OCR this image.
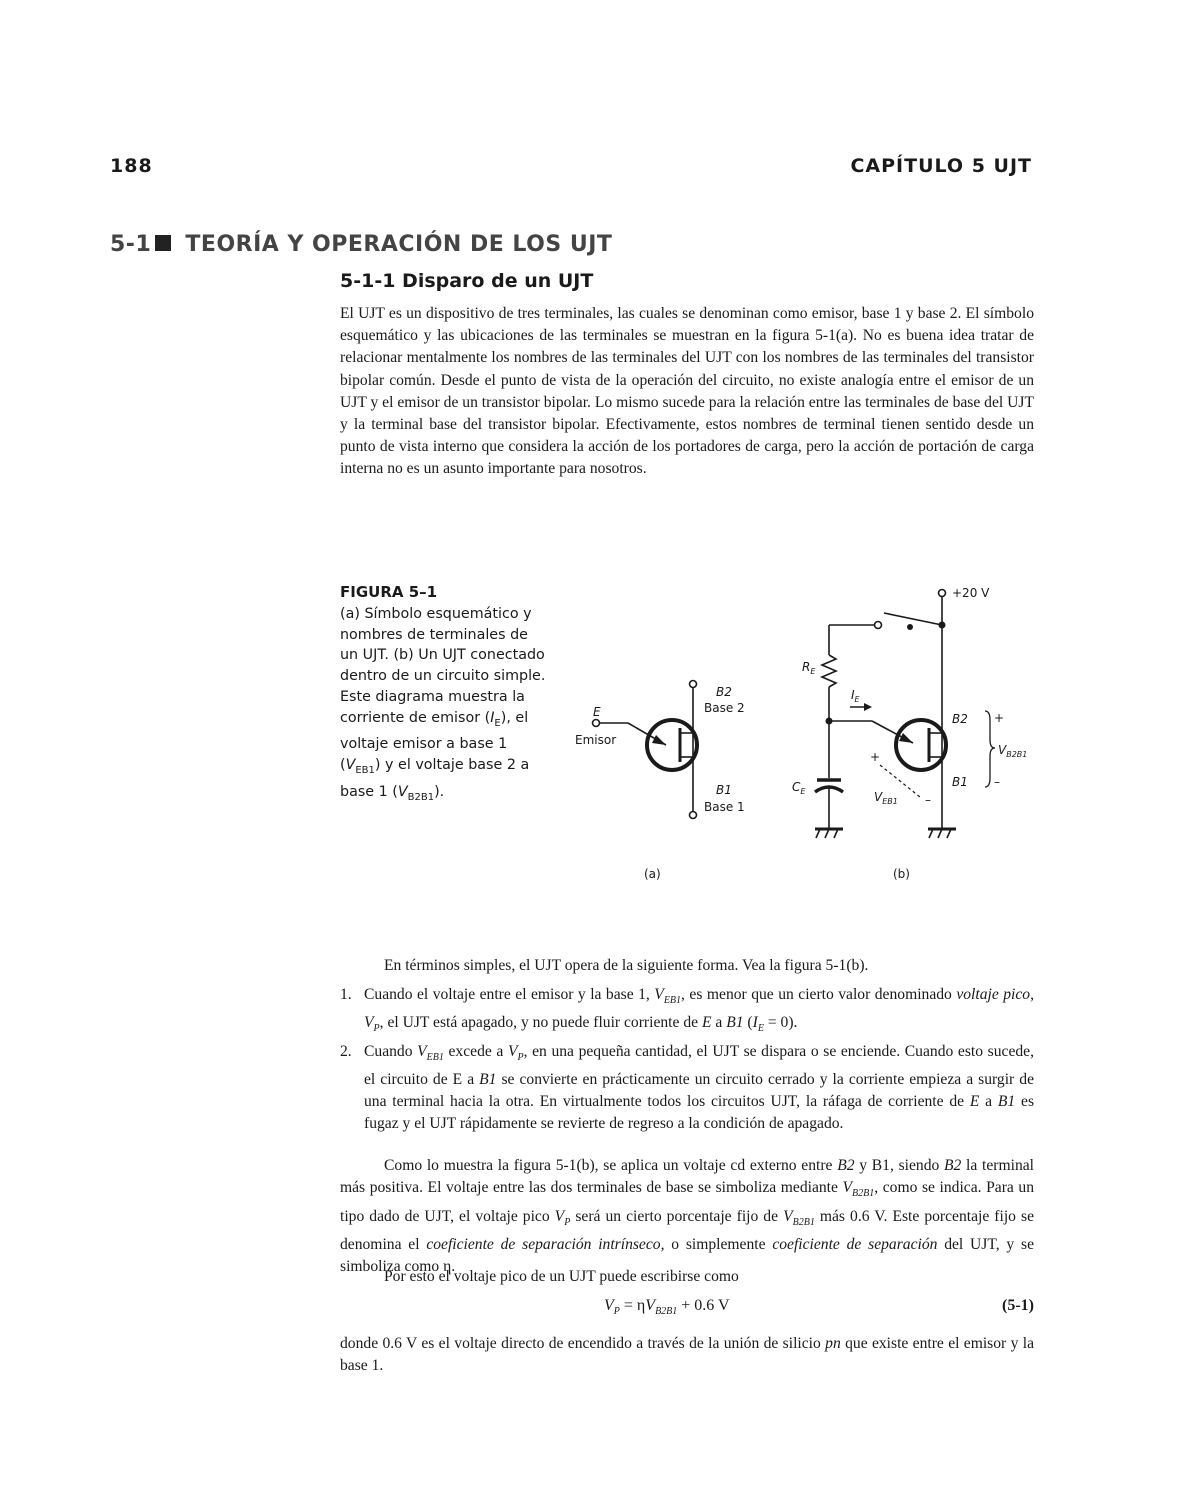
188	CAPÍTULO 5 UJT
5-1 TEORÍA Y OPERACIÓN DE LOS UJT
5-1-1 Disparo de un UJT

El UJT es un dispositivo de tres terminales, las cuales se denominan como emisor, base 1 y base 2. El símbolo esquemático y las ubicaciones de las terminales se muestran en la figura 5-1(a). No es buena idea tratar de relacionar mentalmente los nombres de las terminales del UJT con los nombres de las terminales del transistor bipolar común. Desde el punto de vista de la operación del circuito, no existe analogía entre el emisor de un UJT y el emisor de un transistor bipolar. Lo mismo sucede para la relación entre las terminales de base del UJT y la terminal base del transistor bipolar. Efectivamente, estos nombres de terminal tienen sentido desde un punto de vista interno que considera la acción de los portadores de carga, pero la acción de portación de carga interna no es un asunto importante para nosotros.

FIGURA 5–1
(a) Símbolo esquemático y nombres de terminales de un UJT. (b) Un UJT conectado dentro de un circuito simple. Este diagrama muestra la corriente de emisor $(I_E)$, el voltaje emisor a base 1 $(V_{EB1})$ y el voltaje base 2 a base 1 $(V_{B2B1})$.
E
Emisor
B2
Base 2
B1
Base 1
(a)
+20 V
$R_E$
$I_E$
$C_E$
B2
B1
+
–
$V_{EB1}$
+
–
$V_{B2B1}$
(b)

En términos simples, el UJT opera de la siguiente forma. Vea la figura 5-1(b).

1. Cuando el voltaje entre el emisor y la base 1, $V_{EB1}$, es menor que un cierto valor denominado voltaje pico, $V_P$, el UJT está apagado, y no puede fluir corriente de E a B1 $(I_E = 0)$.
2. Cuando $V_{EB1}$ excede a $V_P$, en una pequeña cantidad, el UJT se dispara o se enciende. Cuando esto sucede, el circuito de E a B1 se convierte en prácticamente un circuito cerrado y la corriente empieza a surgir de una terminal hacia la otra. En virtualmente todos los circuitos UJT, la ráfaga de corriente de E a B1 es fugaz y el UJT rápidamente se revierte de regreso a la condición de apagado.

Como lo muestra la figura 5-1(b), se aplica un voltaje cd externo entre B2 y B1, siendo B2 la terminal más positiva. El voltaje entre las dos terminales de base se simboliza mediante $V_{B2B1}$, como se indica. Para un tipo dado de UJT, el voltaje pico $V_P$ será un cierto porcentaje fijo de $V_{B2B1}$ más 0.6 V. Este porcentaje fijo se denomina el coeficiente de separación intrínseco, o simplemente coeficiente de separación del UJT, y se simboliza como η.

Por esto el voltaje pico de un UJT puede escribirse como

$V_P = \eta V_{B2B1} + 0.6$ V	(5-1)

donde 0.6 V es el voltaje directo de encendido a través de la unión de silicio pn que existe entre el emisor y la base 1.
